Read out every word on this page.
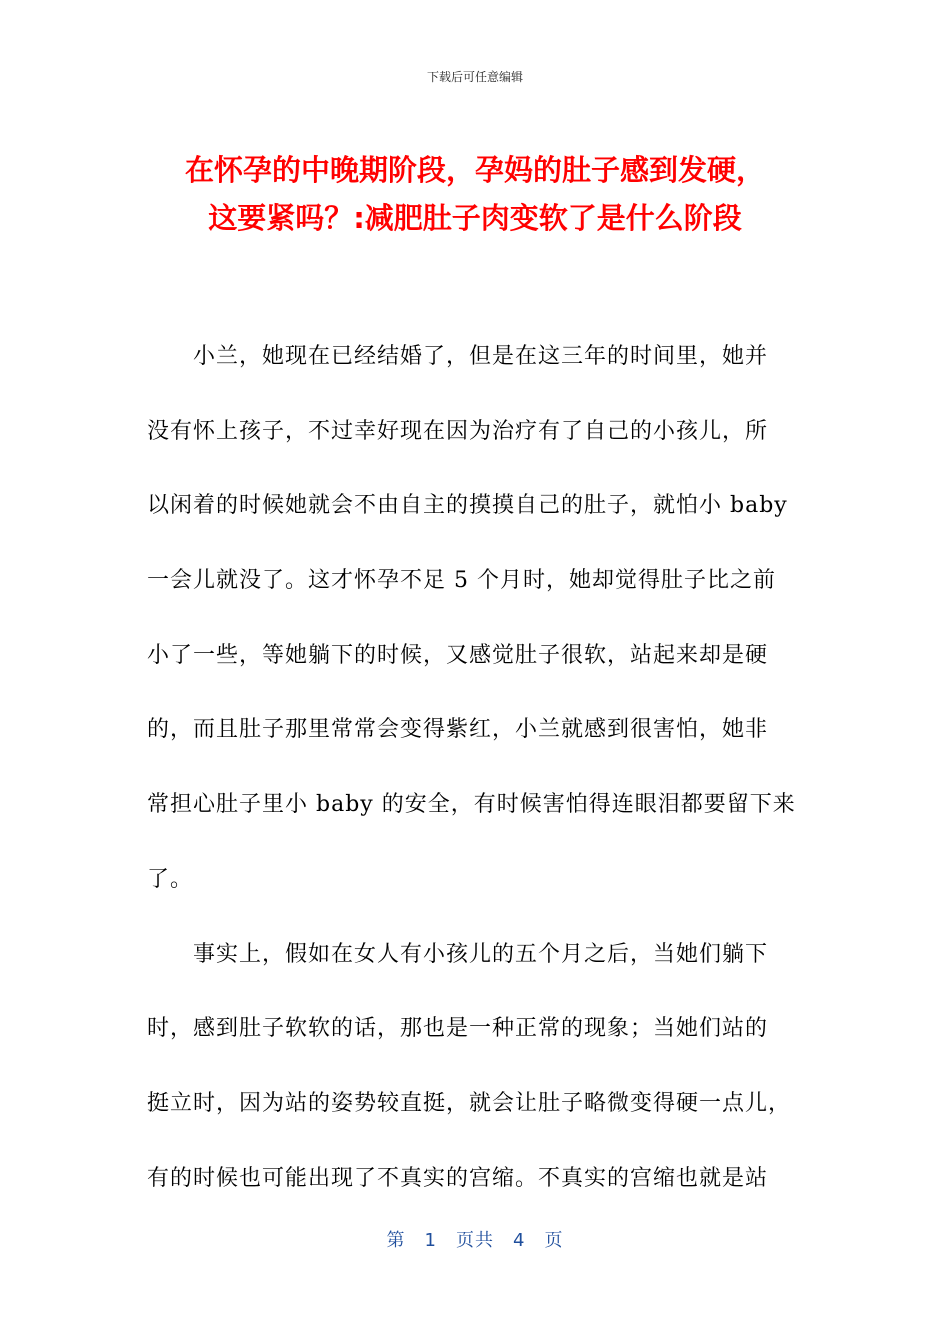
下载后可任意编辑
在怀孕的中晚期阶段，孕妈的肚子感到发硬，
这要紧吗？:减肥肚子肉变软了是什么阶段
小兰，她现在已经结婚了，但是在这三年的时间里，她并
没有怀上孩子，不过幸好现在因为治疗有了自己的小孩儿，所
以闲着的时候她就会不由自主的摸摸自己的肚子，就怕小 baby
一会儿就没了。这才怀孕不足 5 个月时，她却觉得肚子比之前
小了一些，等她躺下的时候，又感觉肚子很软，站起来却是硬
的，而且肚子那里常常会变得紫红，小兰就感到很害怕，她非
常担心肚子里小 baby 的安全，有时候害怕得连眼泪都要留下来
了。
事实上，假如在女人有小孩儿的五个月之后，当她们躺下
时，感到肚子软软的话，那也是一种正常的现象；当她们站的
挺立时，因为站的姿势较直挺，就会让肚子略微变得硬一点儿，
有的时候也可能出现了不真实的宫缩。不真实的宫缩也就是站
第　1　页共　4　页
